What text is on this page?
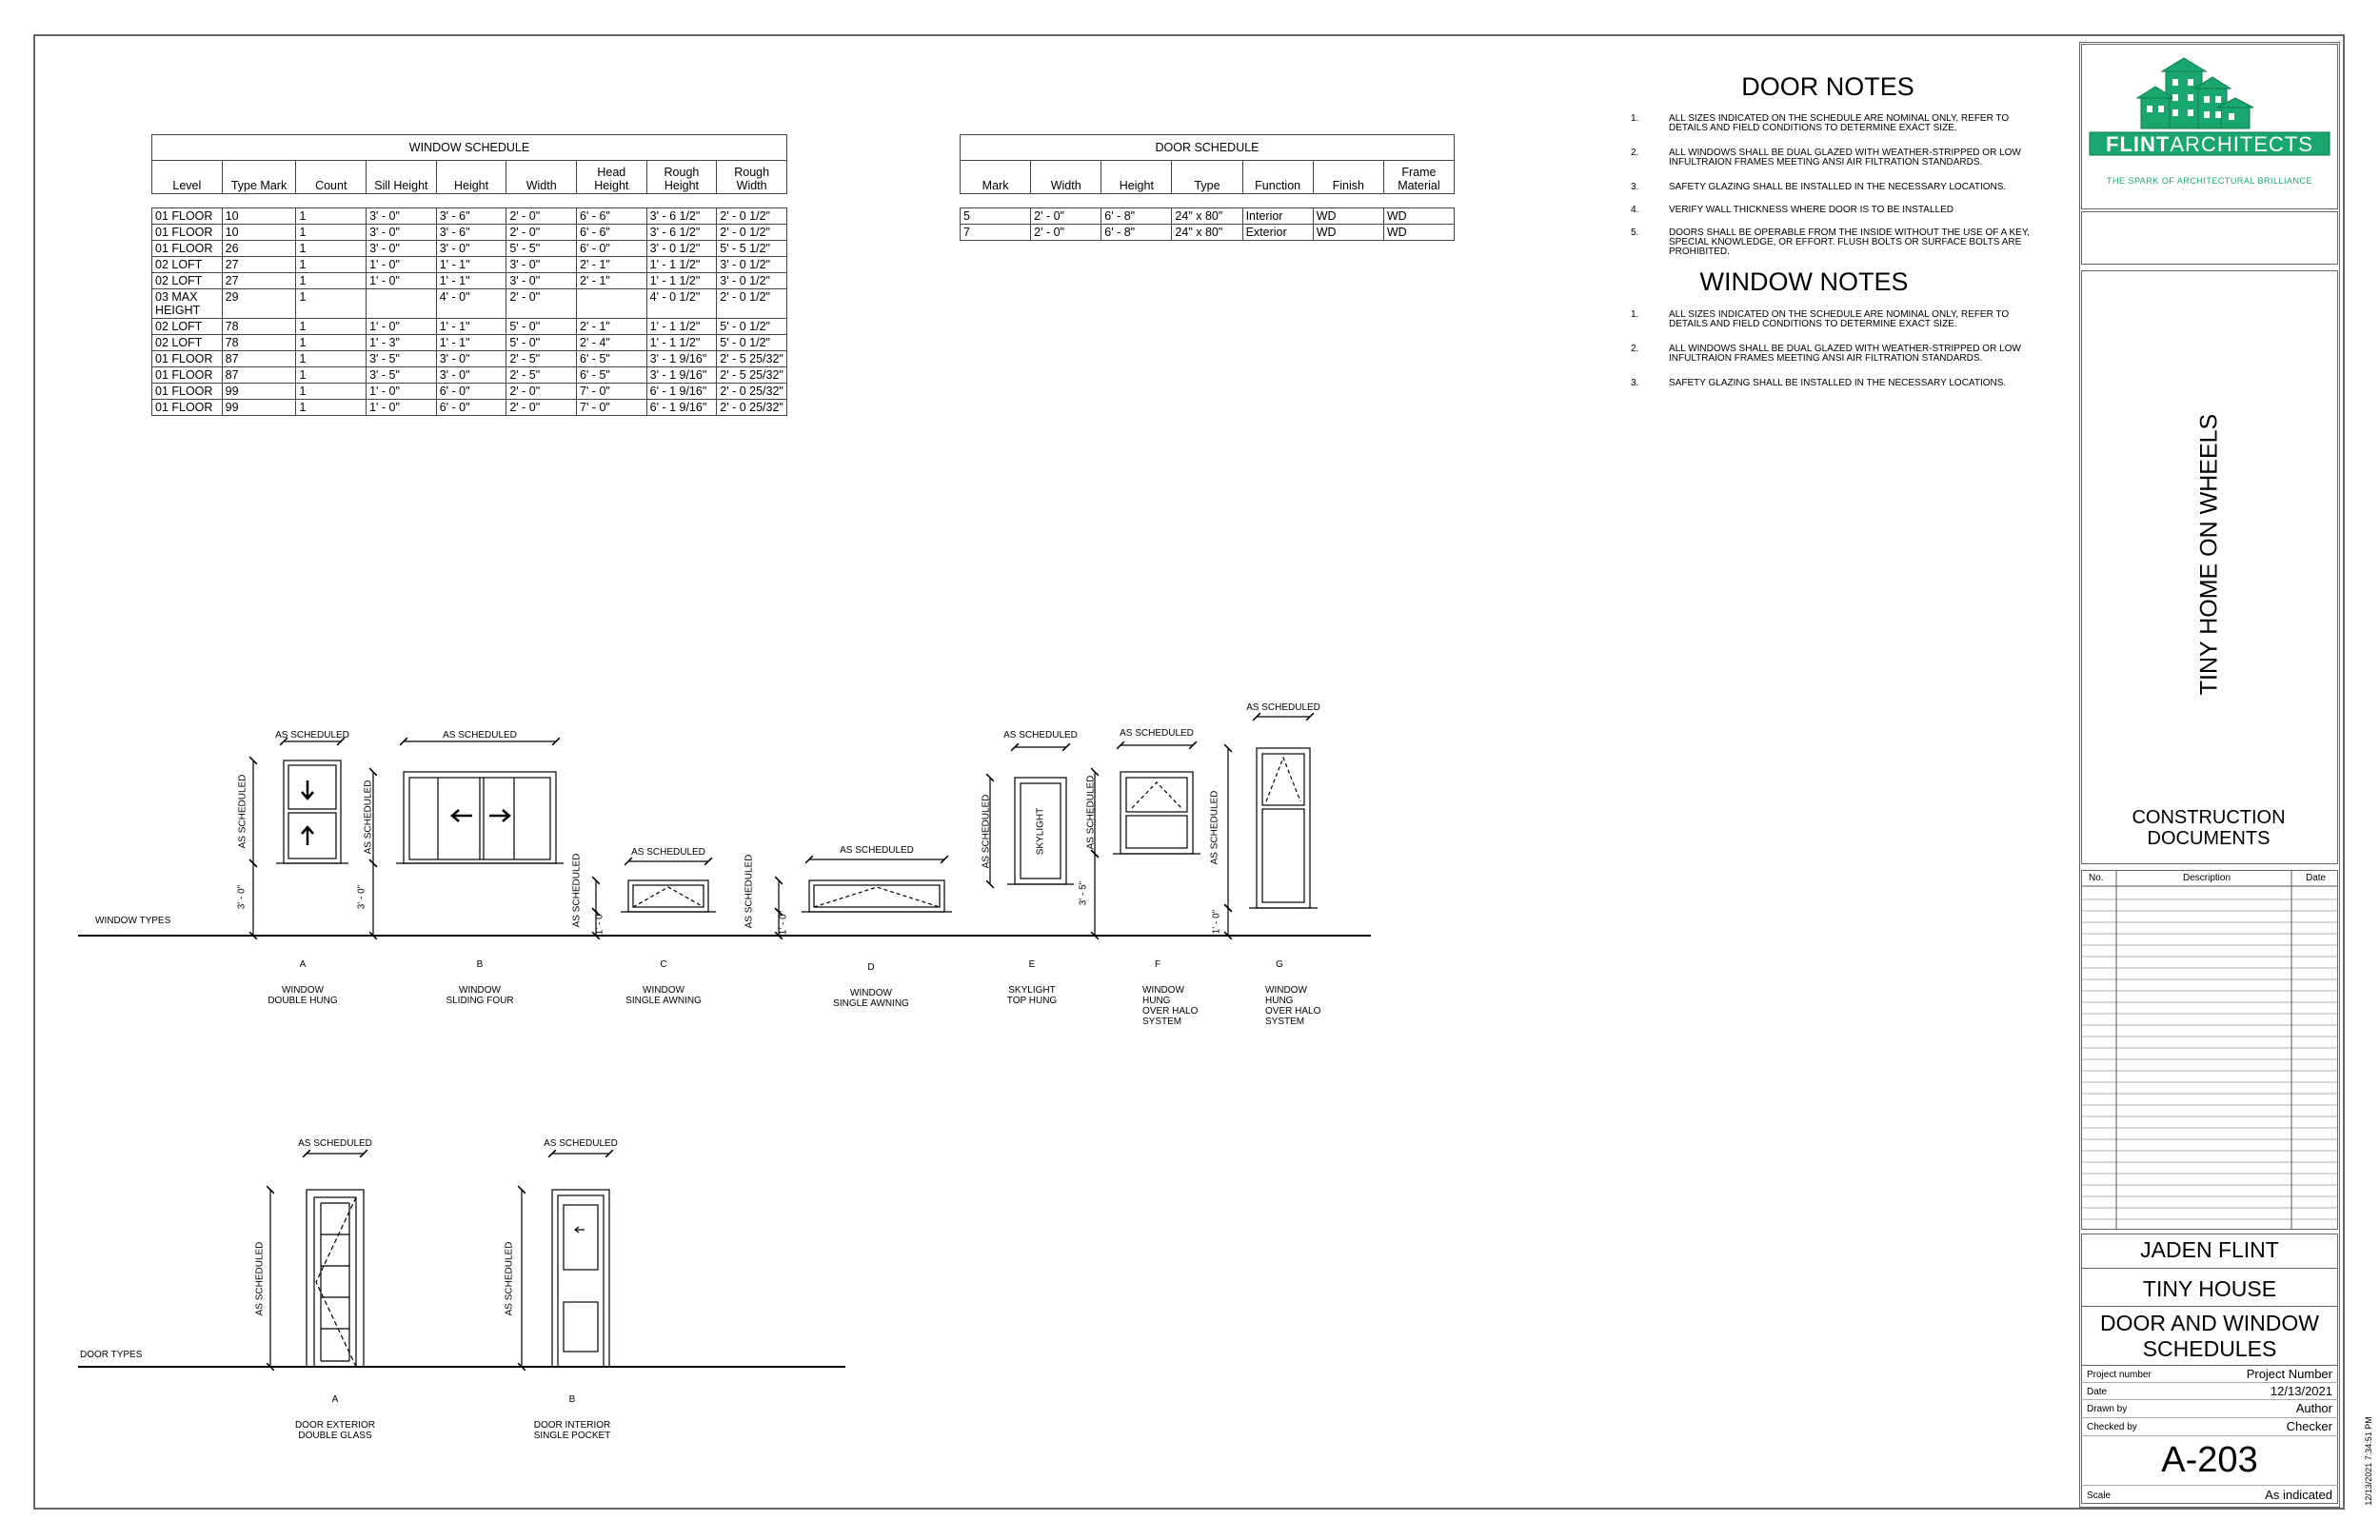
WINDOW SCHEDULE								
Level	Type Mark	Count	Sill Height	Height	Width	Head Height	Rough Height	Rough Width

01 FLOOR	10	1	3' - 0"	3' - 6"	2' - 0"	6' - 6"	3' - 6 1/2"	2' - 0 1/2"
01 FLOOR	10	1	3' - 0"	3' - 6"	2' - 0"	6' - 6"	3' - 6 1/2"	2' - 0 1/2"
01 FLOOR	26	1	3' - 0"	3' - 0"	5' - 5"	6' - 0"	3' - 0 1/2"	5' - 5 1/2"
02 LOFT	27	1	1' - 0"	1' - 1"	3' - 0"	2' - 1"	1' - 1 1/2"	3' - 0 1/2"
02 LOFT	27	1	1' - 0"	1' - 1"	3' - 0"	2' - 1"	1' - 1 1/2"	3' - 0 1/2"
03 MAX HEIGHT	29	1		4' - 0"	2' - 0"		4' - 0 1/2"	2' - 0 1/2"
02 LOFT	78	1	1' - 0"	1' - 1"	5' - 0"	2' - 1"	1' - 1 1/2"	5' - 0 1/2"
02 LOFT	78	1	1' - 3"	1' - 1"	5' - 0"	2' - 4"	1' - 1 1/2"	5' - 0 1/2"
01 FLOOR	87	1	3' - 5"	3' - 0"	2' - 5"	6' - 5"	3' - 1 9/16"	2' - 5 25/32"
01 FLOOR	87	1	3' - 5"	3' - 0"	2' - 5"	6' - 5"	3' - 1 9/16"	2' - 5 25/32"
01 FLOOR	99	1	1' - 0"	6' - 0"	2' - 0"	7' - 0"	6' - 1 9/16"	2' - 0 25/32"
01 FLOOR	99	1	1' - 0"	6' - 0"	2' - 0"	7' - 0"	6' - 1 9/16"	2' - 0 25/32"
DOOR SCHEDULE						
Mark	Width	Height	Type	Function	Finish	Frame Material

5	2' - 0"	6' - 8"	24" x 80"	Interior	WD	WD
7	2' - 0"	6' - 8"	24" x 80"	Exterior	WD	WD
DOOR NOTES
1.	ALL SIZES INDICATED ON THE SCHEDULE ARE NOMINAL ONLY, REFER TO DETAILS AND FIELD CONDITIONS TO DETERMINE EXACT SIZE.
2.	ALL WINDOWS SHALL BE DUAL GLAZED WITH WEATHER-STRIPPED OR LOW INFULTRAION FRAMES MEETING ANSI AIR FILTRATION STANDARDS.
3.	SAFETY GLAZING SHALL BE INSTALLED IN THE NECESSARY LOCATIONS.
4.	VERIFY WALL THICKNESS WHERE DOOR IS TO BE INSTALLED
5.	DOORS SHALL BE OPERABLE FROM THE INSIDE WITHOUT THE USE OF A KEY, SPECIAL KNOWLEDGE, OR EFFORT. FLUSH BOLTS OR SURFACE BOLTS ARE PROHIBITED.
WINDOW NOTES
1.	ALL SIZES INDICATED ON THE SCHEDULE ARE NOMINAL ONLY, REFER TO DETAILS AND FIELD CONDITIONS TO DETERMINE EXACT SIZE.
2.	ALL WINDOWS SHALL BE DUAL GLAZED WITH WEATHER-STRIPPED OR LOW INFULTRAION FRAMES MEETING ANSI AIR FILTRATION STANDARDS.
3.	SAFETY GLAZING SHALL BE INSTALLED IN THE NECESSARY LOCATIONS.
WINDOW TYPES
DOOR TYPES
AS SCHEDULED	AS SCHEDULED
AS SCHEDULED	AS SCHEDULED
AS SCHEDULED	AS SCHEDULED
AS SCHEDULED
AS SCHEDULED	AS SCHEDULED
AS SCHEDULED	AS SCHEDULED
AS SCHEDULED	AS SCHEDULED
AS SCHEDULED	AS SCHEDULED	AS SCHEDULED
AS SCHEDULED	AS SCHEDULED
3' - 0"	3' - 0"
1' - 0"	1' - 0"
3' - 5"
1' - 0"
SKYLIGHT
A
WINDOW
DOUBLE HUNG
B
WINDOW
SLIDING FOUR
C
WINDOW
SINGLE AWNING
D
WINDOW
SINGLE AWNING
E
SKYLIGHT
TOP HUNG
F
WINDOW
HUNG
OVER HALO
SYSTEM
G
WINDOW
HUNG
OVER HALO
SYSTEM
A
DOOR EXTERIOR
DOUBLE GLASS
B
DOOR INTERIOR
SINGLE POCKET
FLINTARCHITECTS
THE SPARK OF ARCHITECTURAL BRILLIANCE
TINY HOME ON WHEELS
CONSTRUCTION DOCUMENTS
No.	Description	Date
JADEN FLINT
TINY HOUSE
DOOR AND WINDOW SCHEDULES
Project number	Project Number
Date	12/13/2021
Drawn by	Author
Checked by	Checker
A-203
Scale	As indicated	12/13/2021 7:34:51 PM
